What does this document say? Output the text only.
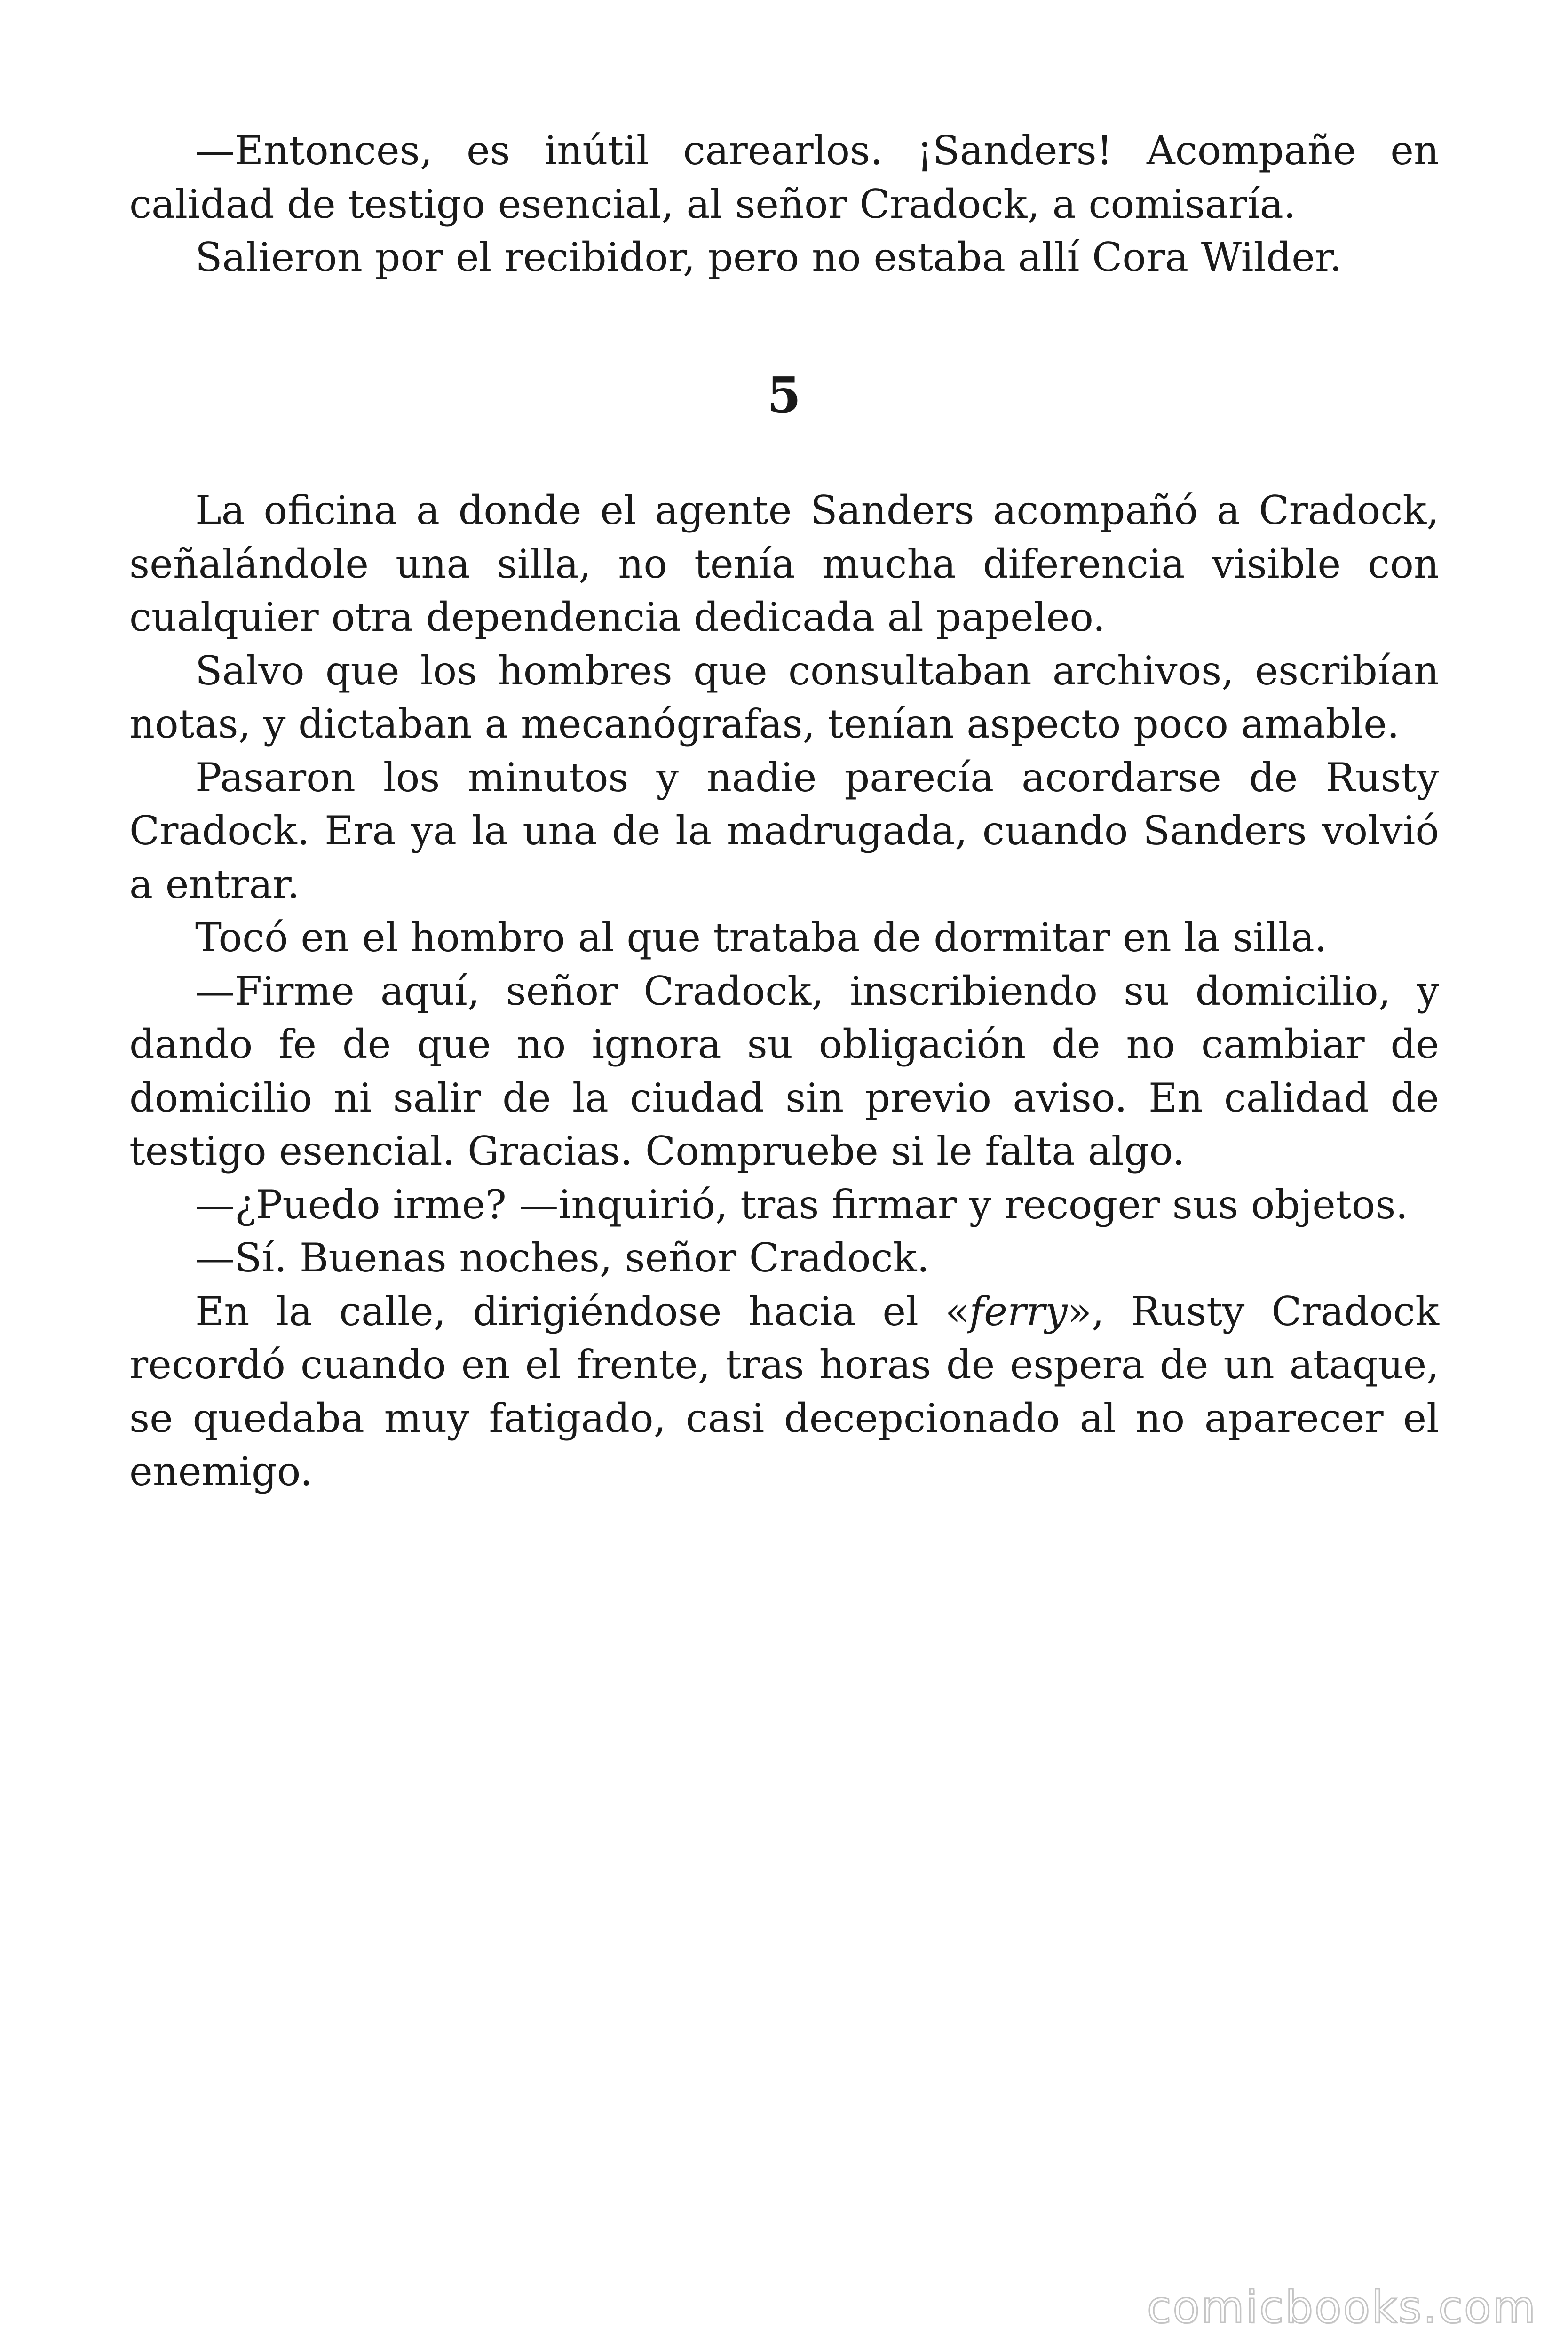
—Entonces, es inútil carearlos. ¡Sanders! Acompañe en calidad de testigo esencial, al señor Cradock, a comisaría.

Salieron por el recibidor, pero no estaba allí Cora Wilder.

5

La oficina a donde el agente Sanders acompañó a Cradock, señalándole una silla, no tenía mucha diferencia visible con cualquier otra dependencia dedicada al papeleo.

Salvo que los hombres que consultaban archivos, escribían notas, y dictaban a mecanógrafas, tenían aspecto poco amable.

Pasaron los minutos y nadie parecía acordarse de Rusty Cradock. Era ya la una de la madrugada, cuando Sanders volvió a entrar.

Tocó en el hombro al que trataba de dormitar en la silla.

—Firme aquí, señor Cradock, inscribiendo su domicilio, y dando fe de que no ignora su obligación de no cambiar de domicilio ni salir de la ciudad sin previo aviso. En calidad de testigo esencial. Gracias. Compruebe si le falta algo.

—¿Puedo irme? —inquirió, tras firmar y recoger sus objetos.

—Sí. Buenas noches, señor Cradock.

En la calle, dirigiéndose hacia el «ferry», Rusty Cradock recordó cuando en el frente, tras horas de espera de un ataque, se quedaba muy fatigado, casi decepcionado al no aparecer el enemigo.

comicbooks.com
